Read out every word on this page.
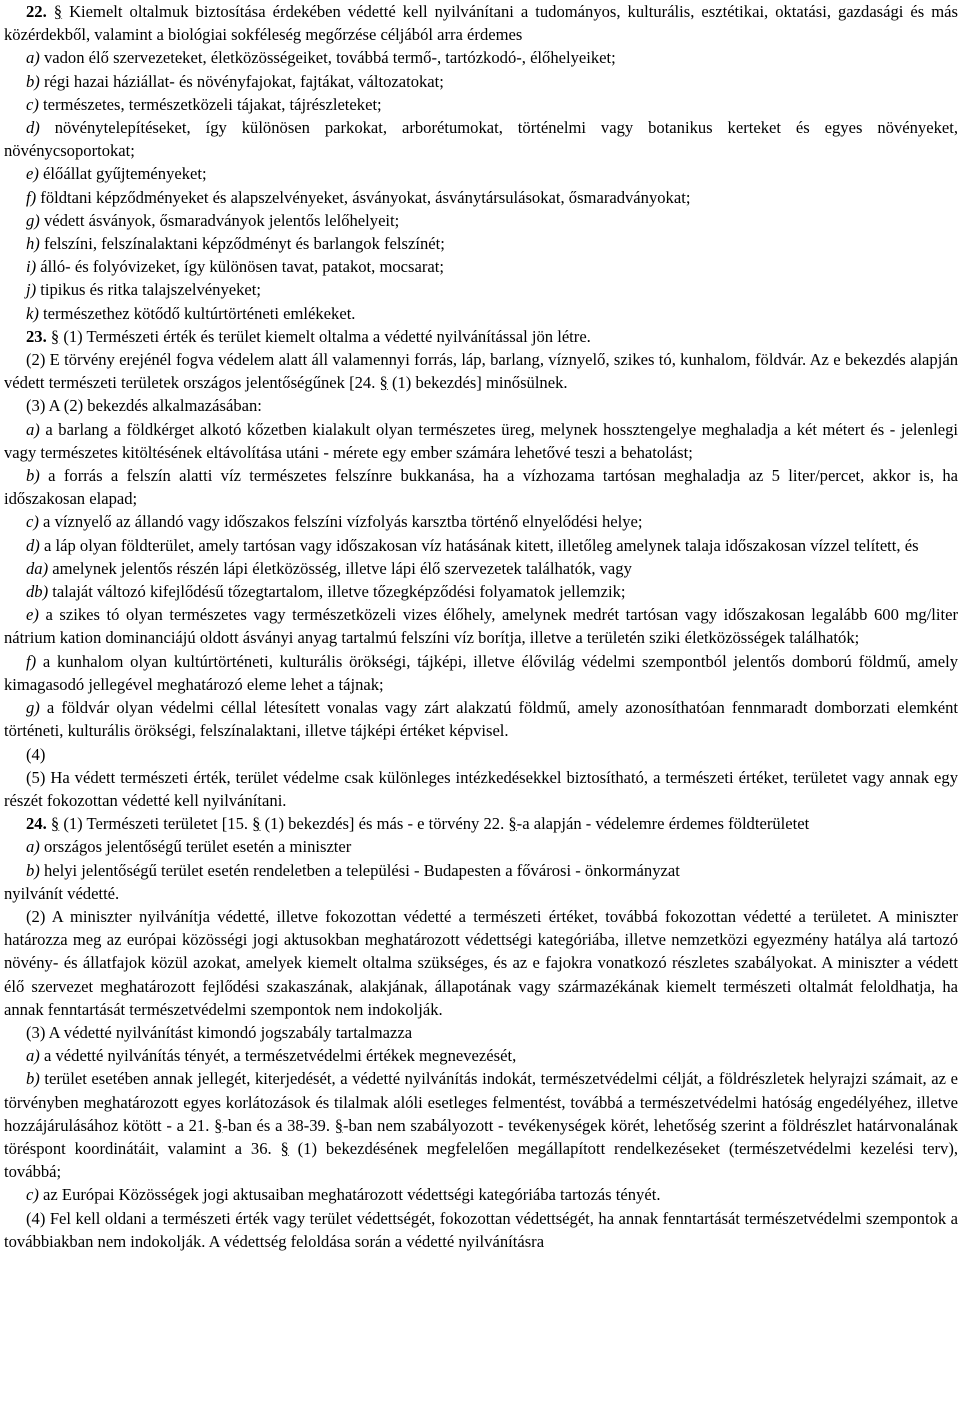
22. § Kiemelt oltalmuk biztosítása érdekében védetté kell nyilvánítani a tudományos, kulturális, esztétikai, oktatási, gazdasági és más közérdekből, valamint a biológiai sokféleség megőrzése céljából arra érdemes

a) vadon élő szervezeteket, életközösségeiket, továbbá termő-, tartózkodó-, élőhelyeiket;

b) régi hazai háziállat- és növényfajokat, fajtákat, változatokat;

c) természetes, természetközeli tájakat, tájrészleteket;

d) növénytelepítéseket, így különösen parkokat, arborétumokat, történelmi vagy botanikus kerteket és egyes növényeket, növénycsoportokat;

e) élőállat gyűjteményeket;

f) földtani képződményeket és alapszelvényeket, ásványokat, ásványtársulásokat, ősmaradványokat;

g) védett ásványok, ősmaradványok jelentős lelőhelyeit;

h) felszíni, felszínalaktani képződményt és barlangok felszínét;

i) álló- és folyóvizeket, így különösen tavat, patakot, mocsarat;

j) tipikus és ritka talajszelvényeket;

k) természethez kötődő kultúrtörténeti emlékeket.

23. § (1) Természeti érték és terület kiemelt oltalma a védetté nyilvánítással jön létre.

(2) E törvény erejénél fogva védelem alatt áll valamennyi forrás, láp, barlang, víznyelő, szikes tó, kunhalom, földvár. Az e bekezdés alapján védett természeti területek országos jelentőségűnek [24. § (1) bekezdés] minősülnek.

(3) A (2) bekezdés alkalmazásában:

a) a barlang a földkérget alkotó kőzetben kialakult olyan természetes üreg, melynek hossztengelye meghaladja a két métert és - jelenlegi vagy természetes kitöltésének eltávolítása utáni - mérete egy ember számára lehetővé teszi a behatolást;

b) a forrás a felszín alatti víz természetes felszínre bukkanása, ha a vízhozama tartósan meghaladja az 5 liter/percet, akkor is, ha időszakosan elapad;

c) a víznyelő az állandó vagy időszakos felszíni vízfolyás karsztba történő elnyelődési helye;

d) a láp olyan földterület, amely tartósan vagy időszakosan víz hatásának kitett, illetőleg amelynek talaja időszakosan vízzel telített, és

da) amelynek jelentős részén lápi életközösség, illetve lápi élő szervezetek találhatók, vagy

db) talaját változó kifejlődésű tőzegtartalom, illetve tőzegképződési folyamatok jellemzik;

e) a szikes tó olyan természetes vagy természetközeli vizes élőhely, amelynek medrét tartósan vagy időszakosan legalább 600 mg/liter nátrium kation dominanciájú oldott ásványi anyag tartalmú felszíni víz borítja, illetve a területén sziki életközösségek találhatók;

f) a kunhalom olyan kultúrtörténeti, kulturális örökségi, tájképi, illetve élővilág védelmi szempontból jelentős domború földmű, amely kimagasodó jellegével meghatározó eleme lehet a tájnak;

g) a földvár olyan védelmi céllal létesített vonalas vagy zárt alakzatú földmű, amely azonosíthatóan fennmaradt domborzati elemként történeti, kulturális örökségi, felszínalaktani, illetve tájképi értéket képvisel.

(4)

(5) Ha védett természeti érték, terület védelme csak különleges intézkedésekkel biztosítható, a természeti értéket, területet vagy annak egy részét fokozottan védetté kell nyilvánítani.

24. § (1) Természeti területet [15. § (1) bekezdés] és más - e törvény 22. §-a alapján - védelemre érdemes földterületet

a) országos jelentőségű terület esetén a miniszter

b) helyi jelentőségű terület esetén rendeletben a települési - Budapesten a fővárosi - önkormányzat

nyilvánít védetté.

(2) A miniszter nyilvánítja védetté, illetve fokozottan védetté a természeti értéket, továbbá fokozottan védetté a területet. A miniszter határozza meg az európai közösségi jogi aktusokban meghatározott védettségi kategóriába, illetve nemzetközi egyezmény hatálya alá tartozó növény- és állatfajok közül azokat, amelyek kiemelt oltalma szükséges, és az e fajokra vonatkozó részletes szabályokat. A miniszter a védett élő szervezet meghatározott fejlődési szakaszának, alakjának, állapotának vagy származékának kiemelt természeti oltalmát feloldhatja, ha annak fenntartását természetvédelmi szempontok nem indokolják.

(3) A védetté nyilvánítást kimondó jogszabály tartalmazza

a) a védetté nyilvánítás tényét, a természetvédelmi értékek megnevezését,

b) terület esetében annak jellegét, kiterjedését, a védetté nyilvánítás indokát, természetvédelmi célját, a földrészletek helyrajzi számait, az e törvényben meghatározott egyes korlátozások és tilalmak alóli esetleges felmentést, továbbá a természetvédelmi hatóság engedélyéhez, illetve hozzájárulásához kötött - a 21. §-ban és a 38-39. §-ban nem szabályozott - tevékenységek körét, lehetőség szerint a földrészlet határvonalának töréspont koordinátáit, valamint a 36. § (1) bekezdésének megfelelően megállapított rendelkezéseket (természetvédelmi kezelési terv), továbbá;

c) az Európai Közösségek jogi aktusaiban meghatározott védettségi kategóriába tartozás tényét.

(4) Fel kell oldani a természeti érték vagy terület védettségét, fokozottan védettségét, ha annak fenntartását természetvédelmi szempontok a továbbiakban nem indokolják. A védettség feloldása során a védetté nyilvánításra
